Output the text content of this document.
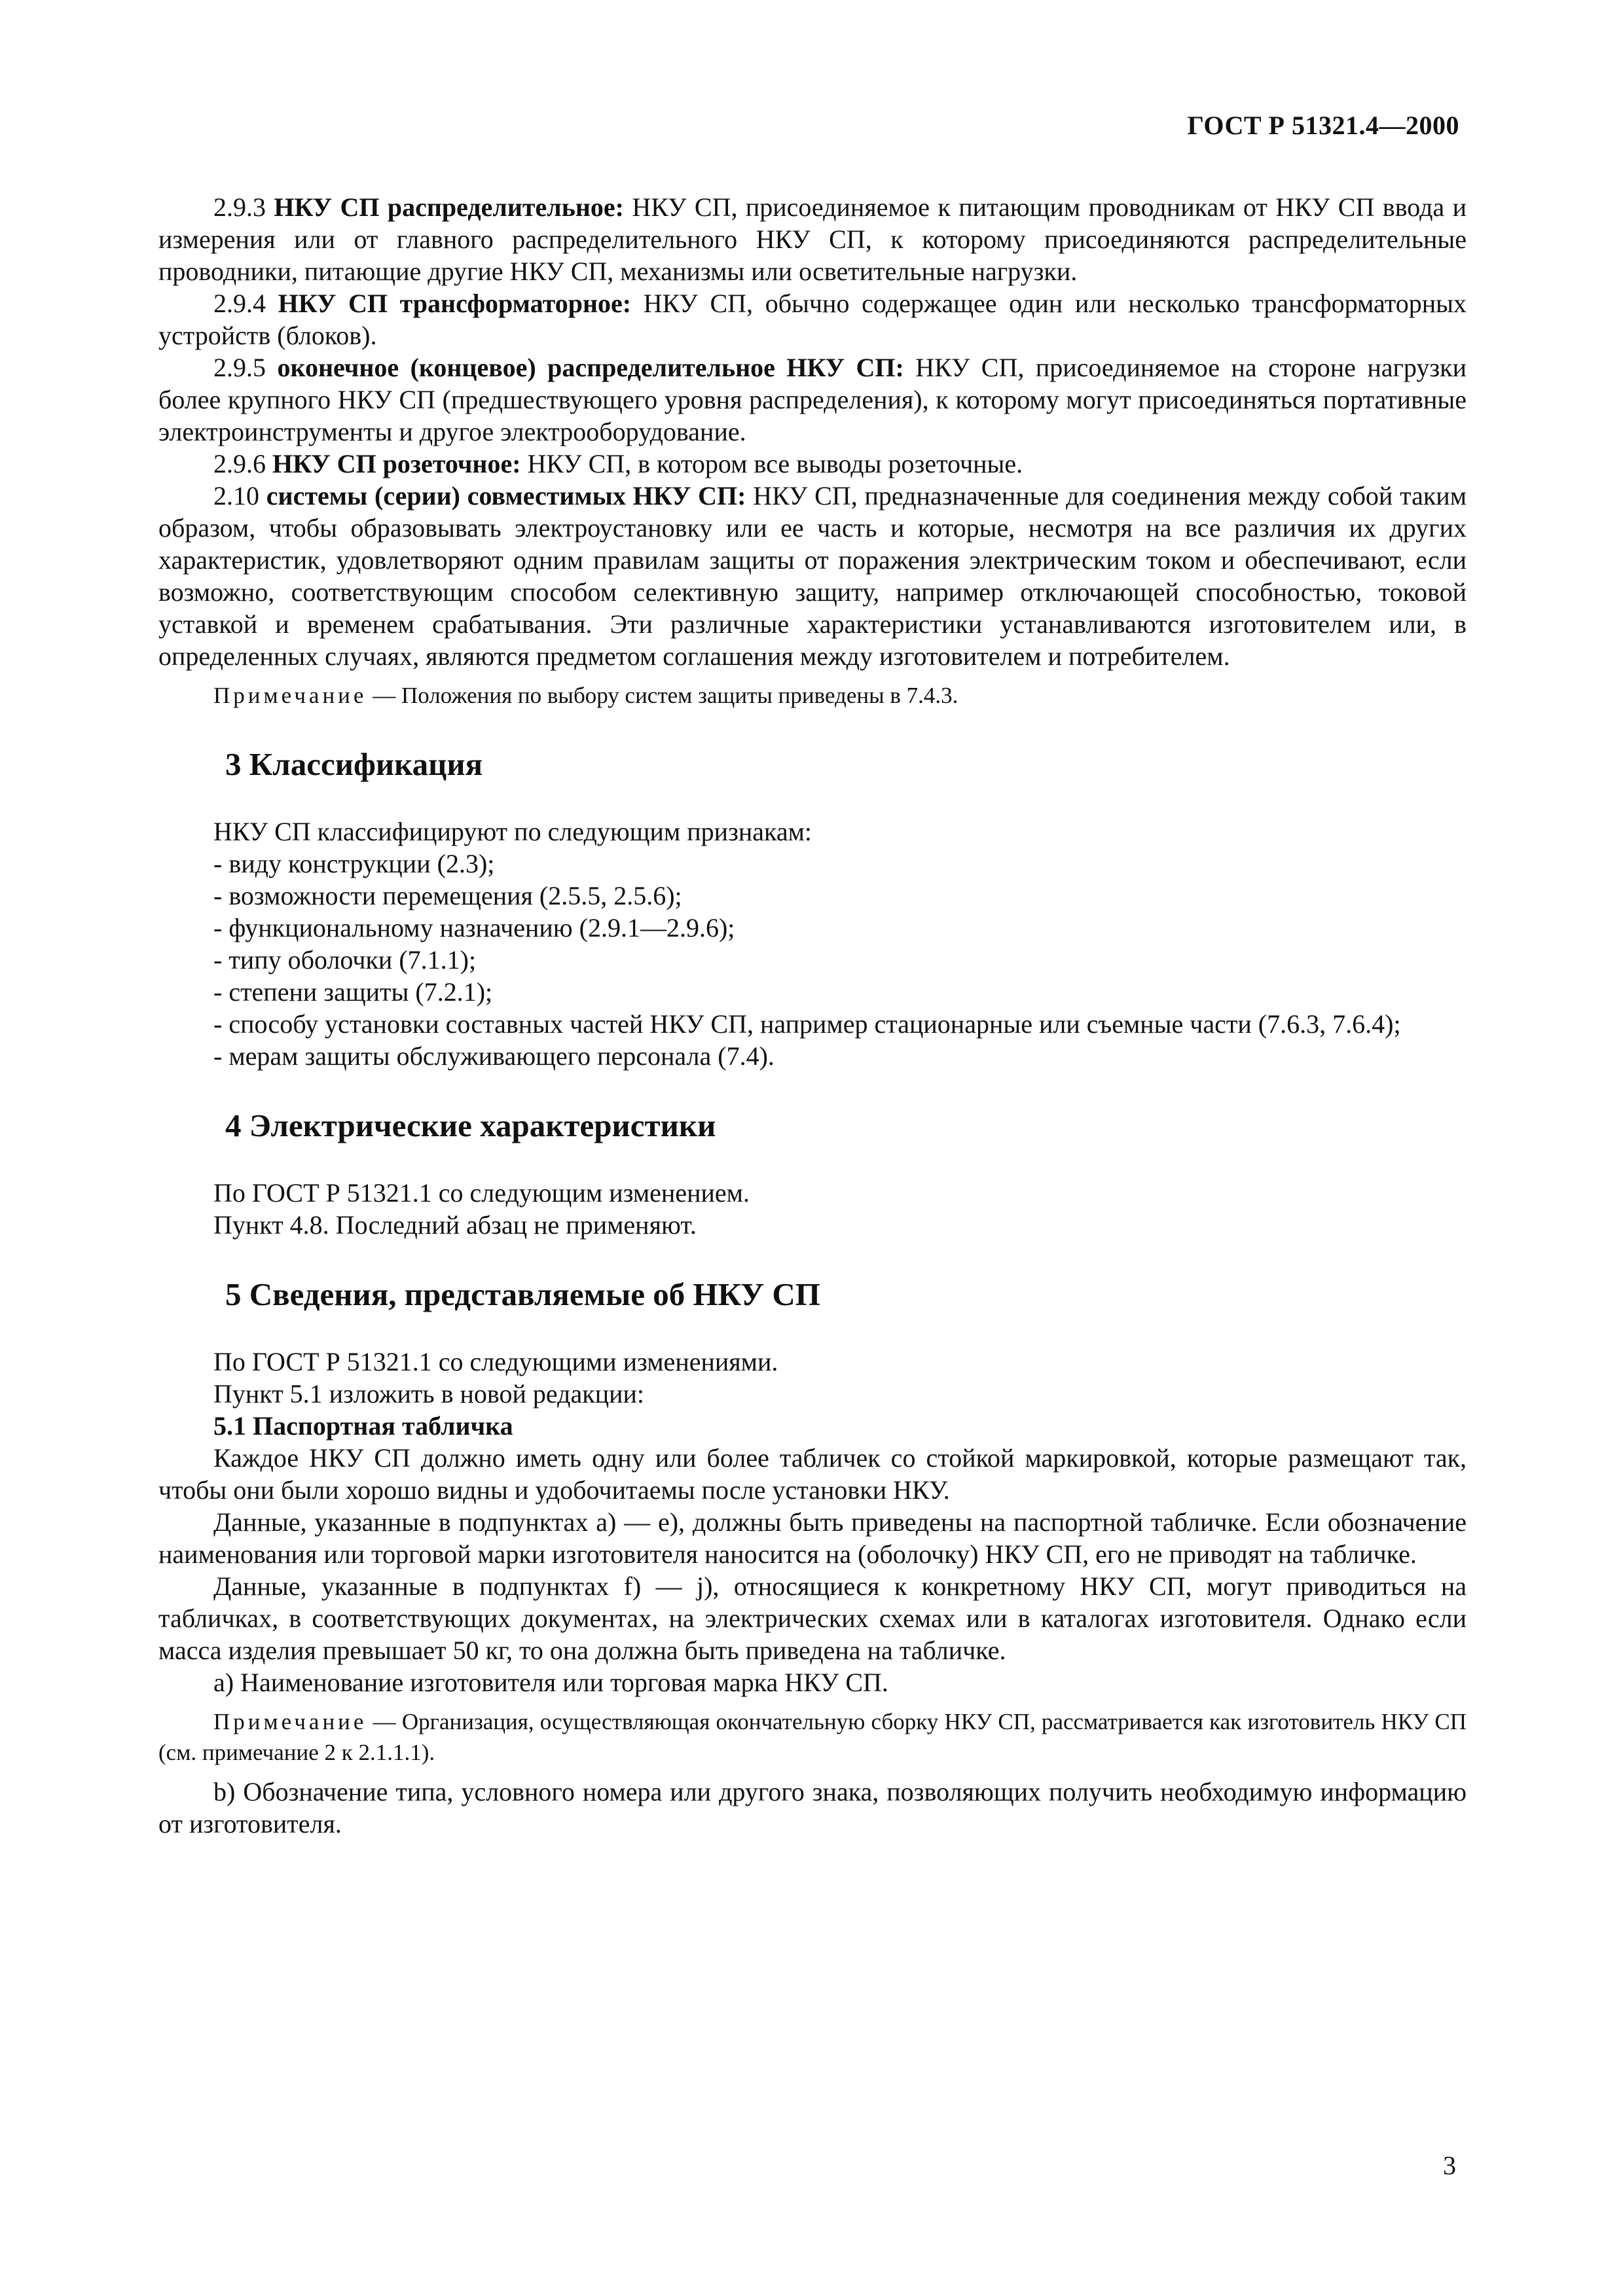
ГОСТ Р 51321.4—2000

2.9.3 НКУ СП распределительное: НКУ СП, присоединяемое к питающим проводникам от НКУ СП ввода и измерения или от главного распределительного НКУ СП, к которому присоединяются распределительные проводники, питающие другие НКУ СП, механизмы или осветительные нагрузки.

2.9.4 НКУ СП трансформаторное: НКУ СП, обычно содержащее один или несколько трансформаторных устройств (блоков).

2.9.5 оконечное (концевое) распределительное НКУ СП: НКУ СП, присоединяемое на стороне нагрузки более крупного НКУ СП (предшествующего уровня распределения), к которому могут присоединяться портативные электроинструменты и другое электрооборудование.

2.9.6 НКУ СП розеточное: НКУ СП, в котором все выводы розеточные.

2.10 системы (серии) совместимых НКУ СП: НКУ СП, предназначенные для соединения между собой таким образом, чтобы образовывать электроустановку или ее часть и которые, несмотря на все различия их других характеристик, удовлетворяют одним правилам защиты от поражения электрическим током и обеспечивают, если возможно, соответствующим способом селективную защиту, например отключающей способностью, токовой уставкой и временем срабатывания. Эти различные характеристики устанавливаются изготовителем или, в определенных случаях, являются предметом соглашения между изготовителем и потребителем.

Примечание — Положения по выбору систем защиты приведены в 7.4.3.

3 Классификация

НКУ СП классифицируют по следующим признакам:

- виду конструкции (2.3);

- возможности перемещения (2.5.5, 2.5.6);

- функциональному назначению (2.9.1—2.9.6);

- типу оболочки (7.1.1);

- степени защиты (7.2.1);

- способу установки составных частей НКУ СП, например стационарные или съемные части (7.6.3, 7.6.4);

- мерам защиты обслуживающего персонала (7.4).

4 Электрические характеристики

По ГОСТ Р 51321.1 со следующим изменением.

Пункт 4.8. Последний абзац не применяют.

5 Сведения, представляемые об НКУ СП

По ГОСТ Р 51321.1 со следующими изменениями.

Пункт 5.1 изложить в новой редакции:

5.1 Паспортная табличка

Каждое НКУ СП должно иметь одну или более табличек со стойкой маркировкой, которые размещают так, чтобы они были хорошо видны и удобочитаемы после установки НКУ.

Данные, указанные в подпунктах а) — е), должны быть приведены на паспортной табличке. Если обозначение наименования или торговой марки изготовителя наносится на (оболочку) НКУ СП, его не приводят на табличке.

Данные, указанные в подпунктах f) — j), относящиеся к конкретному НКУ СП, могут приводиться на табличках, в соответствующих документах, на электрических схемах или в каталогах изготовителя. Однако если масса изделия превышает 50 кг, то она должна быть приведена на табличке.

а) Наименование изготовителя или торговая марка НКУ СП.

Примечание — Организация, осуществляющая окончательную сборку НКУ СП, рассматривается как изготовитель НКУ СП (см. примечание 2 к 2.1.1.1).

b) Обозначение типа, условного номера или другого знака, позволяющих получить необходимую информацию от изготовителя.

3
